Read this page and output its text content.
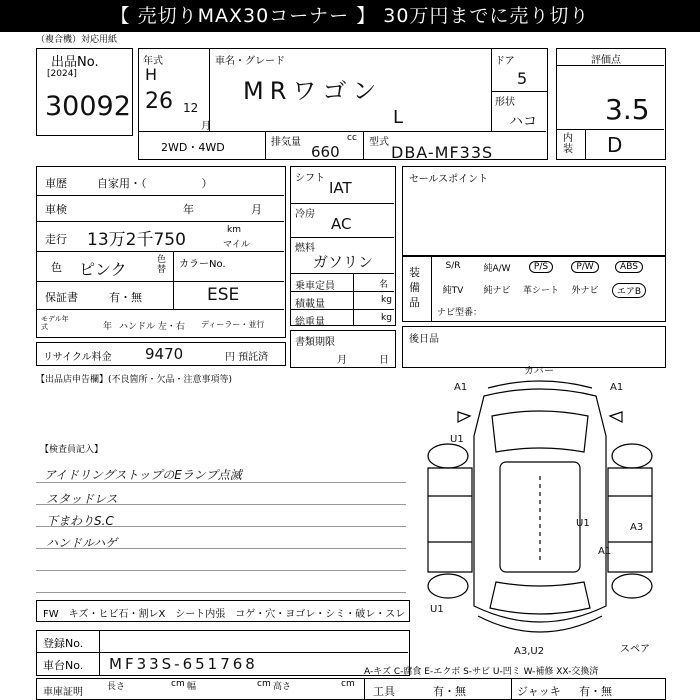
【 売切りMAX30コーナー 】 30万円までに売り切り
（複合機）対応用紙
出品No.
[2024]
30092
年式
H
26 12
月
車名・グレード
MRワゴン
L
ドア
5
形状
ハコ
2WD・4WD	排気量	cc
660
型式
DBA-MF33S
評価点
3.5
内装 D
車歴	自家用・（　　　　　）
車検	年	月
走行 13万2千750	km
マイル
色 ピンク	色替 カラーNo.
ESE
保証書	有・無
モデル年式	年 ハンドル 左・右 ディーラー・並行
シフト
IAT
冷房
AC
燃料
ガソリン
乗車定員	名
積載量	kg
総重量	kg
書類期限
月	日
リサイクル料金 9470	円 預託済
セールスポイント
装備品
S/R	純A/W	P/S	P/W	ABS
純TV	純ナビ	革シート	外ナビ	エアB
ナビ型番：
後日品
【出品店申告欄】(不良箇所・欠品・注意事項等)
【検査員記入】
アイドリングストップのEランプ点滅
スタッドレス
下まわりS.C
ハンドルハゲ
FW　キズ・ヒビ石・割レX　シート内張　コゲ・穴・ヨゴレ・シミ・破レ・スレ
登録No.
車台No. MF33S-651768
車庫証明	長さ	cm 幅	cm 高さ	cm
工具	有・無	ジャッキ 有・無
A-キズ C-腐食 E-エクボ S-サビ U-凹ミ W-補修 XX-交換済
スペア
A1
カバー
A1
U1
U1	A3
A1
U1
A3,U2
